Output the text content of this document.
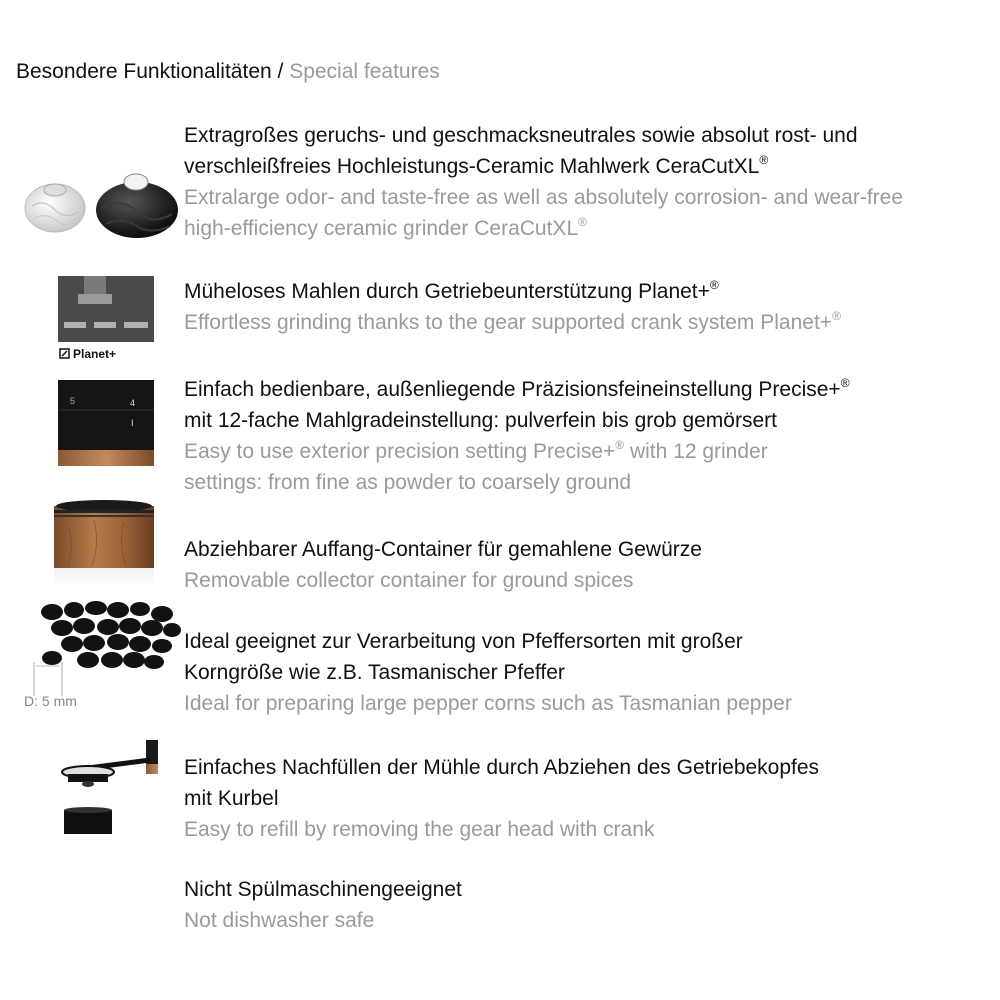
Besondere Funktionalitäten / Special features

Extragroßes geruchs- und geschmacksneutrales sowie absolut rost- und

verschleißfreies Hochleistungs-Ceramic Mahlwerk CeraCutXL®

Extralarge odor- and taste-free as well as absolutely corrosion- and wear-free

high-efficiency ceramic grinder CeraCutXL®

Planet+

Müheloses Mahlen durch Getriebeunterstützung Planet+®

Effortless grinding thanks to the gear supported crank system Planet+®

5	4
I

Einfach bedienbare, außenliegende Präzisionsfeineinstellung Precise+®

mit 12-fache Mahlgradeinstellung: pulverfein bis grob gemörsert

Easy to use exterior precision setting Precise+® with 12 grinder

settings: from fine as powder to coarsely ground

Abziehbarer Auffang-Container für gemahlene Gewürze

Removable collector container for ground spices

D: 5 mm

Ideal geeignet zur Verarbeitung von Pfeffersorten mit großer

Korngröße wie z.B. Tasmanischer Pfeffer

Ideal for preparing large pepper corns such as Tasmanian pepper

Einfaches Nachfüllen der Mühle durch Abziehen des Getriebekopfes

mit Kurbel

Easy to refill by removing the gear head with crank

Nicht Spülmaschinengeeignet

Not dishwasher safe
